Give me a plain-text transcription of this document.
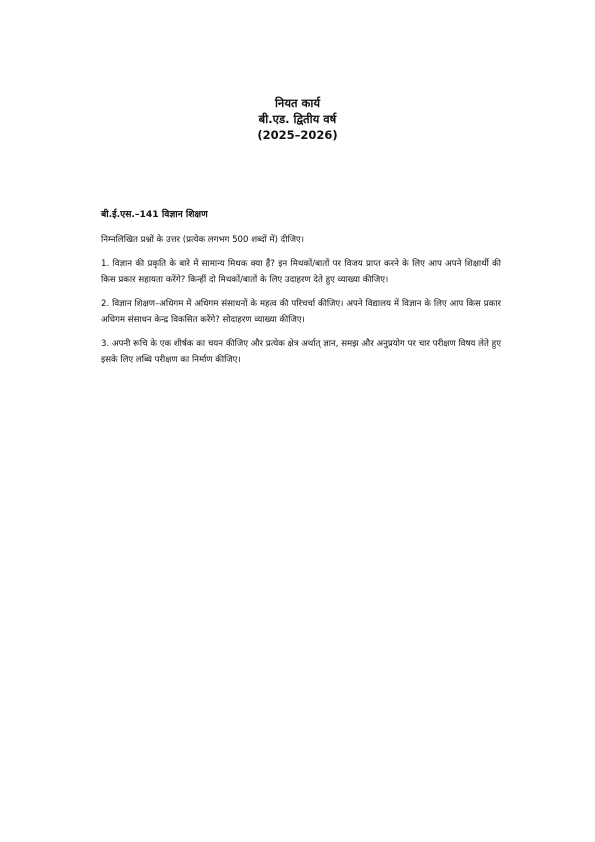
नियत कार्य
बी.एड. द्वितीय वर्ष
(2025–2026)

बी.ई.एस.–141 विज्ञान शिक्षण

निम्नलिखित प्रश्नों के उत्तर (प्रत्येक लगभग 500 शब्दों में) दीजिए।

1. विज्ञान की प्रकृति के बारे में सामान्य मिथक क्या हैं? इन मिथकों/बातों पर विजय प्राप्त करने के लिए आप अपने शिक्षार्थी की किस प्रकार सहायता करेंगे? किन्हीं दो मिथकों/बातों के लिए उदाहरण देते हुए व्याख्या कीजिए।

2. विज्ञान शिक्षण–अधिगम में अधिगम संसाधनों के महत्व की परिचर्चा कीजिए। अपने विद्यालय में विज्ञान के लिए आप किस प्रकार अधिगम संसाधन केन्द्र विकसित करेंगे? सोदाहरण व्याख्या कीजिए।

3. अपनी रूचि के एक शीर्षक का चयन कीजिए और प्रत्येक क्षेत्र अर्थात् ज्ञान, समझ और अनुप्रयोग पर चार परीक्षण विषय लेते हुए इसके लिए लब्धि परीक्षण का निर्माण कीजिए।
